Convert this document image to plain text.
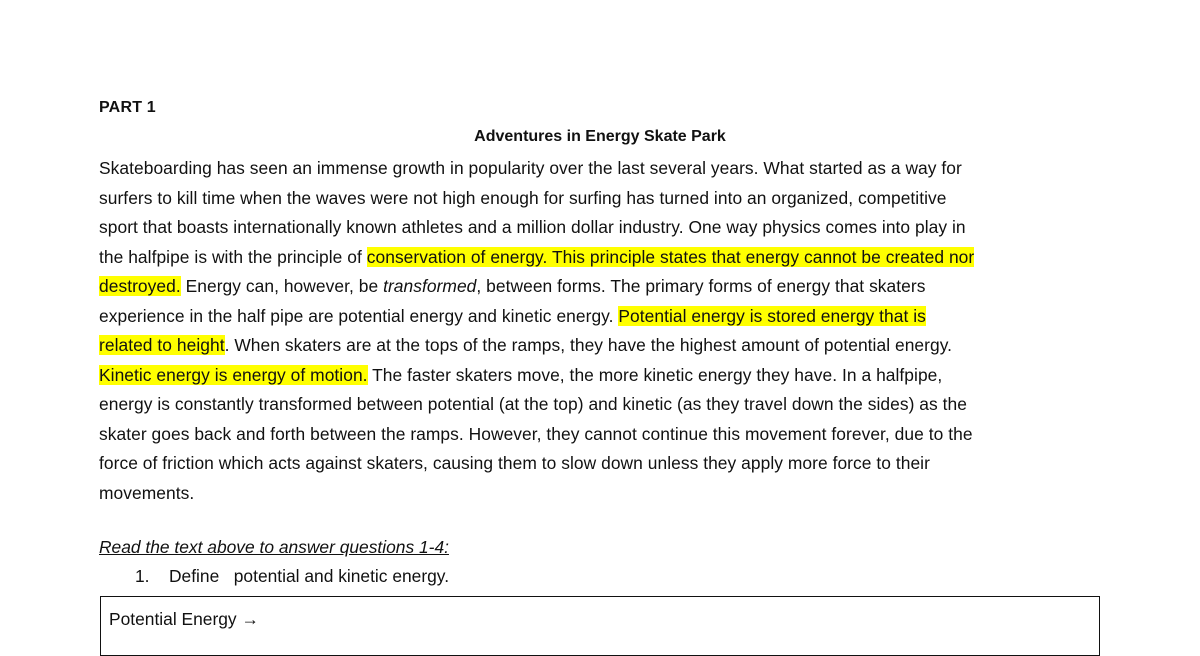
PART 1
Adventures in Energy Skate Park
Skateboarding has seen an immense growth in popularity over the last several years. What started as a way for
surfers to kill time when the waves were not high enough for surfing has turned into an organized, competitive
sport that boasts internationally known athletes and a million dollar industry. One way physics comes into play in
the halfpipe is with the principle of conservation of energy. This principle states that energy cannot be created nor
destroyed. Energy can, however, be transformed, between forms. The primary forms of energy that skaters
experience in the half pipe are potential energy and kinetic energy. Potential energy is stored energy that is
related to height. When skaters are at the tops of the ramps, they have the highest amount of potential energy.
Kinetic energy is energy of motion. The faster skaters move, the more kinetic energy they have. In a halfpipe,
energy is constantly transformed between potential (at the top) and kinetic (as they travel down the sides) as the
skater goes back and forth between the ramps. However, they cannot continue this movement forever, due to the
force of friction which acts against skaters, causing them to slow down unless they apply more force to their
movements.
Read the text above to answer questions 1-4:
1. Define   potential and kinetic energy.
Potential Energy →
